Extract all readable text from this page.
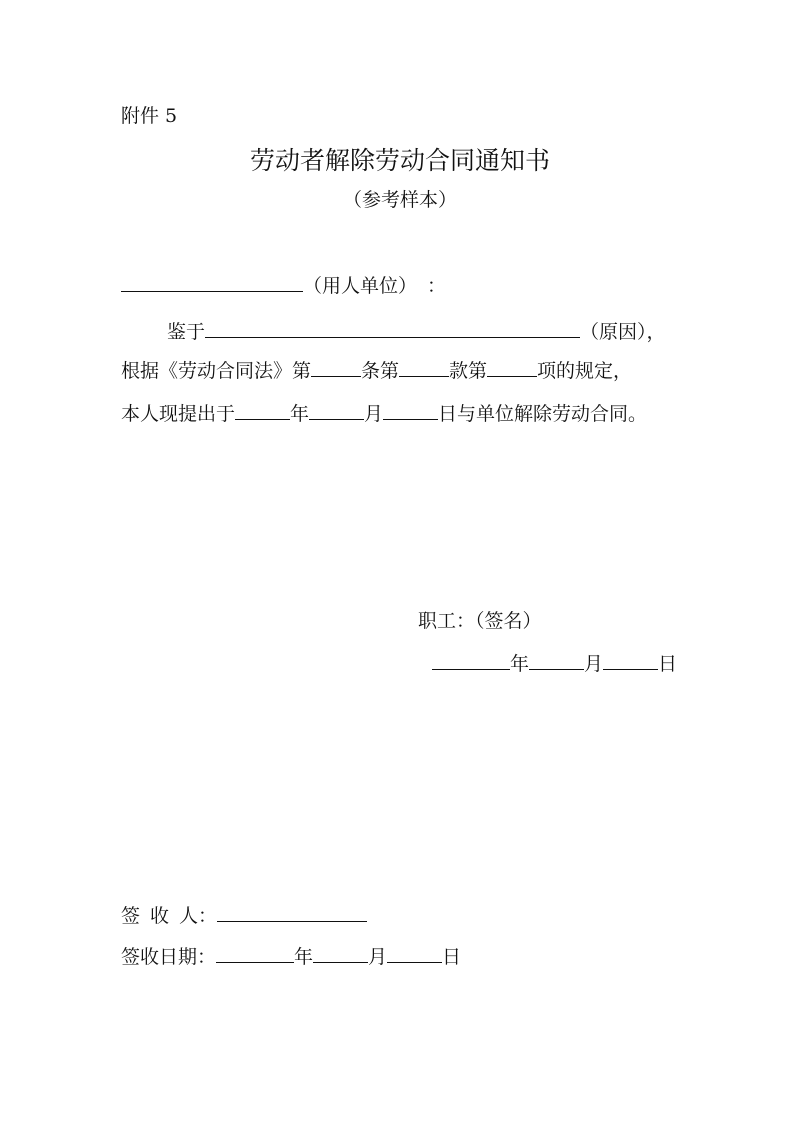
附件 5
劳动者解除劳动合同通知书
（参考样本）
（用人单位） ：
鉴于	（原因），
根据《劳动合同法》第	条第	款第	项的规定，
本人现提出于	年	月	日与单位解除劳动合同。
职工：（签名）
年	月	日
签 收 人：
签收日期：	年	月	日
